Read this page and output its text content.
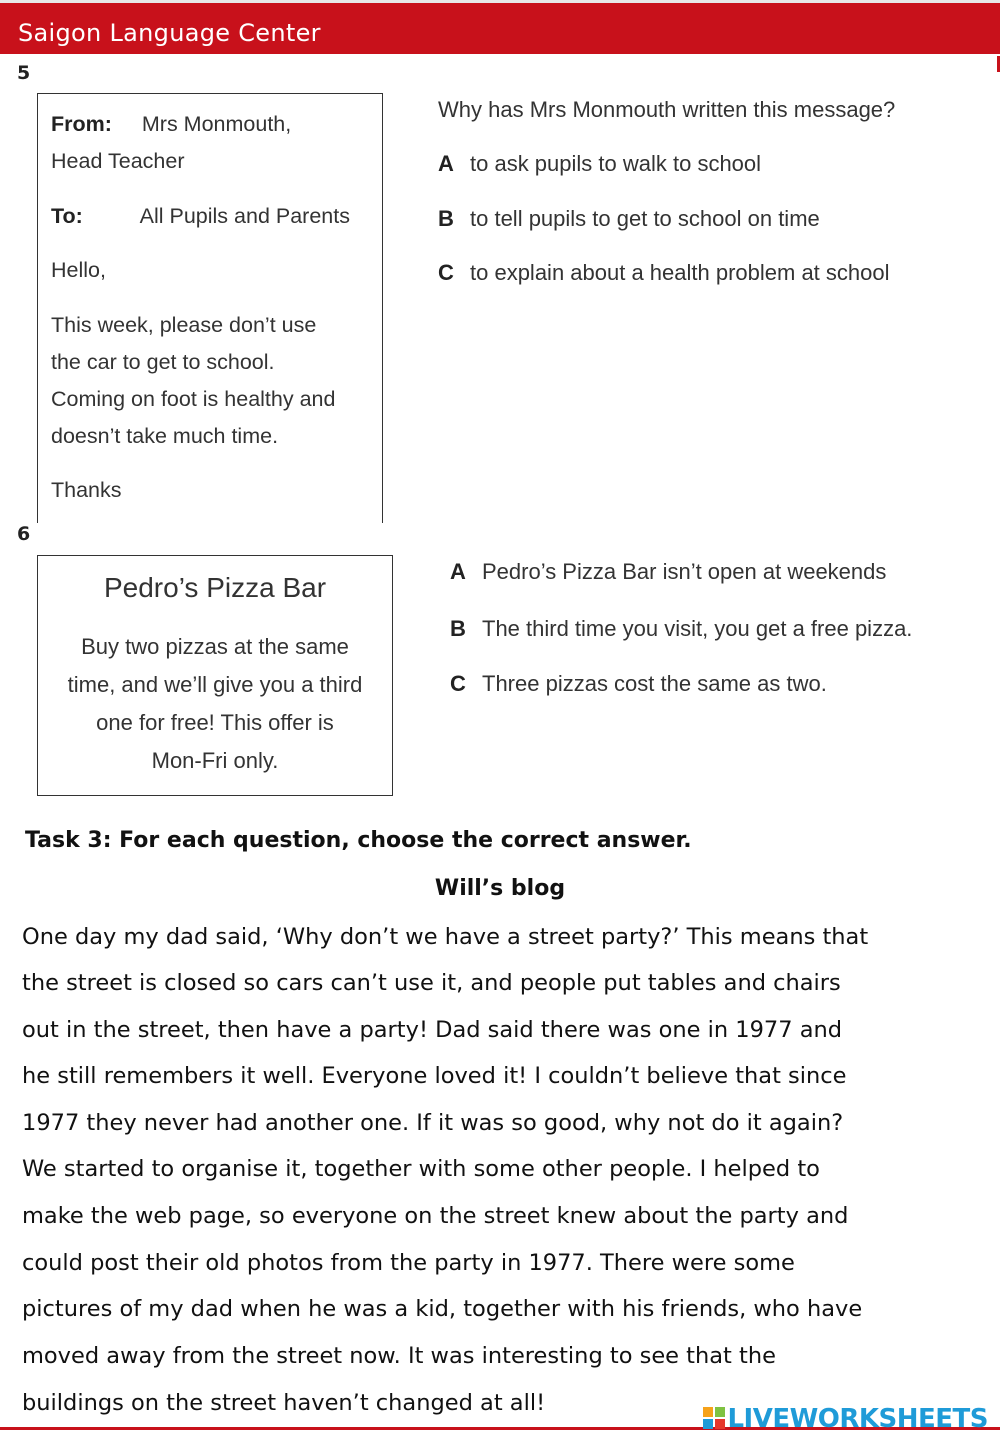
Saigon Language Center
5
From: Mrs Monmouth,
Head Teacher
To:	All Pupils and Parents
Hello,
This week, please don’t use
the car to get to school.
Coming on foot is healthy and
doesn’t take much time.
Thanks
Why has Mrs Monmouth written this message?
A to ask pupils to walk to school
B to tell pupils to get to school on time
C to explain about a health problem at school
6
Pedro’s Pizza Bar
Buy two pizzas at the same
time, and we’ll give you a third
one for free! This offer is
Mon-Fri only.
A Pedro’s Pizza Bar isn’t open at weekends
B The third time you visit, you get a free pizza.
C Three pizzas cost the same as two.
Task 3: For each question, choose the correct answer.
Will’s blog
One day my dad said, ‘Why don’t we have a street party?’ This means that
the street is closed so cars can’t use it, and people put tables and chairs
out in the street, then have a party! Dad said there was one in 1977 and
he still remembers it well. Everyone loved it! I couldn’t believe that since
1977 they never had another one. If it was so good, why not do it again?
We started to organise it, together with some other people. I helped to
make the web page, so everyone on the street knew about the party and
could post their old photos from the party in 1977. There were some
pictures of my dad when he was a kid, together with his friends, who have
moved away from the street now. It was interesting to see that the
buildings on the street haven’t changed at all!
LIVEWORKSHEETS
